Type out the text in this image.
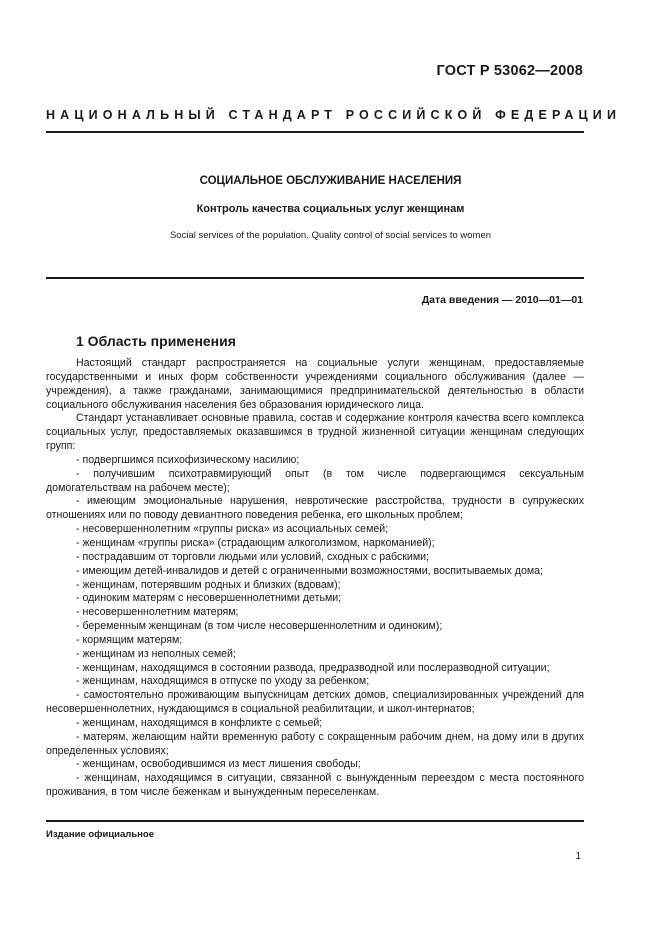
ГОСТ Р 53062—2008
НАЦИОНАЛЬНЫЙ СТАНДАРТ РОССИЙСКОЙ ФЕДЕРАЦИИ
СОЦИАЛЬНОЕ ОБСЛУЖИВАНИЕ НАСЕЛЕНИЯ
Контроль качества социальных услуг женщинам
Social services of the population. Quality control of social services to women
Дата введения — 2010—01—01
1 Область применения

Настоящий стандарт распространяется на социальные услуги женщинам, предоставляемые государственными и иных форм собственности учреждениями социального обслуживания (далее — учреждения), а также гражданами, занимающимися предпринимательской деятельностью в области социального обслуживания населения без образования юридического лица.

Стандарт устанавливает основные правила, состав и содержание контроля качества всего комплекса социальных услуг, предоставляемых оказавшимся в трудной жизненной ситуации женщинам следующих групп:

- подвергшимся психофизическому насилию;

- получившим психотравмирующий опыт (в том числе подвергающимся сексуальным домогательствам на рабочем месте);

- имеющим эмоциональные нарушения, невротические расстройства, трудности в супружеских отношениях или по поводу девиантного поведения ребенка, его школьных проблем;

- несовершеннолетним «группы риска» из асоциальных семей;

- женщинам «группы риска» (страдающим алкоголизмом, наркоманией);

- пострадавшим от торговли людьми или условий, сходных с рабскими;

- имеющим детей-инвалидов и детей с ограниченными возможностями, воспитываемых дома;

- женщинам, потерявшим родных и близких (вдовам);

- одиноким матерям с несовершеннолетними детьми;

- несовершеннолетним матерям;

- беременным женщинам (в том числе несовершеннолетним и одиноким);

- кормящим матерям;

- женщинам из неполных семей;

- женщинам, находящимся в состоянии развода, предразводной или послеразводной ситуации;

- женщинам, находящимся в отпуске по уходу за ребенком;

- самостоятельно проживающим выпускницам детских домов, специализированных учреждений для несовершеннолетних, нуждающимся в социальной реабилитации, и школ-интернатов;

- женщинам, находящимся в конфликте с семьей;

- матерям, желающим найти временную работу с сокращенным рабочим днем, на дому или в других определенных условиях;

- женщинам, освободившимся из мест лишения свободы;

- женщинам, находящимся в ситуации, связанной с вынужденным переездом с места постоянного проживания, в том числе беженкам и вынужденным переселенкам.

Издание официальное
1
